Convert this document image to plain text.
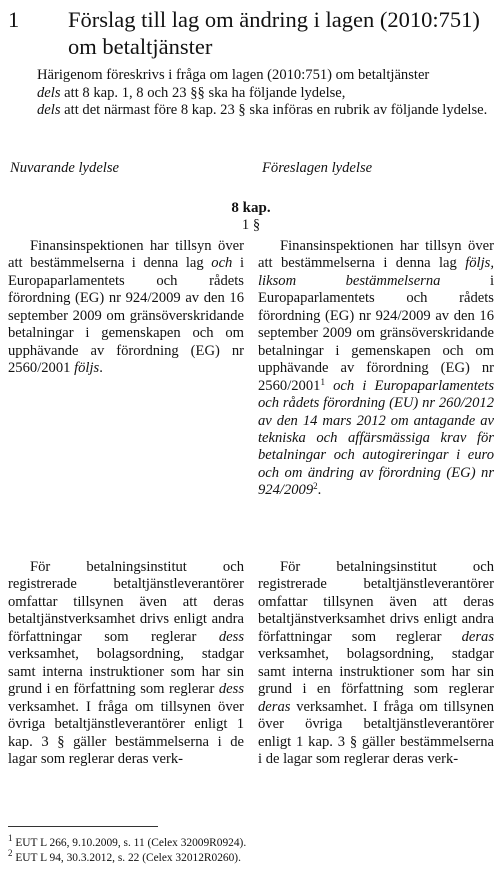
1 Förslag till lag om ändring i lagen (2010:751) om betaltjänster

Härigenom föreskrivs i fråga om lagen (2010:751) om betaltjänster

dels att 8 kap. 1, 8 och 23 §§ ska ha följande lydelse,

dels att det närmast före 8 kap. 23 § ska införas en rubrik av följande lydelse.

Nuvarande lydelse	Föreslagen lydelse
8 kap.
1 §

Finansinspektionen har tillsyn över att bestämmelserna i denna lag och i Europaparlamentets och rådets förordning (EG) nr 924/2009 av den 16 september 2009 om gränsöverskridande betalningar i gemenskapen och om upphävande av förordning (EG) nr 2560/2001 följs.

Finansinspektionen har tillsyn över att bestämmelserna i denna lag följs, liksom bestämmelserna i Europaparlamentets och rådets förordning (EG) nr 924/2009 av den 16 september 2009 om gränsöverskridande betalningar i gemenskapen och om upphävande av förordning (EG) nr 2560/2001$^1$ och i Europaparlamentets och rådets förordning (EU) nr 260/2012 av den 14 mars 2012 om antagande av tekniska och affärsmässiga krav för betalningar och autogireringar i euro och om ändring av förordning (EG) nr 924/2009$^2$.

För betalningsinstitut och registrerade betaltjänstleverantörer omfattar tillsynen även att deras betaltjänstverksamhet drivs enligt andra författningar som reglerar dess verksamhet, bolagsordning, stadgar samt interna instruktioner som har sin grund i en författning som reglerar dess verksamhet. I fråga om tillsynen över övriga betaltjänstleverantörer enligt 1 kap. 3 § gäller bestämmelserna i de lagar som reglerar deras verk-

För betalningsinstitut och registrerade betaltjänstleverantörer omfattar tillsynen även att deras betaltjänstverksamhet drivs enligt andra författningar som reglerar deras verksamhet, bolagsordning, stadgar samt interna instruktioner som har sin grund i en författning som reglerar deras verksamhet. I fråga om tillsynen över övriga betaltjänstleverantörer enligt 1 kap. 3 § gäller bestämmelserna i de lagar som reglerar deras verk-

$^1$ EUT L 266, 9.10.2009, s. 11 (Celex 32009R0924).
$^2$ EUT L 94, 30.3.2012, s. 22 (Celex 32012R0260).
